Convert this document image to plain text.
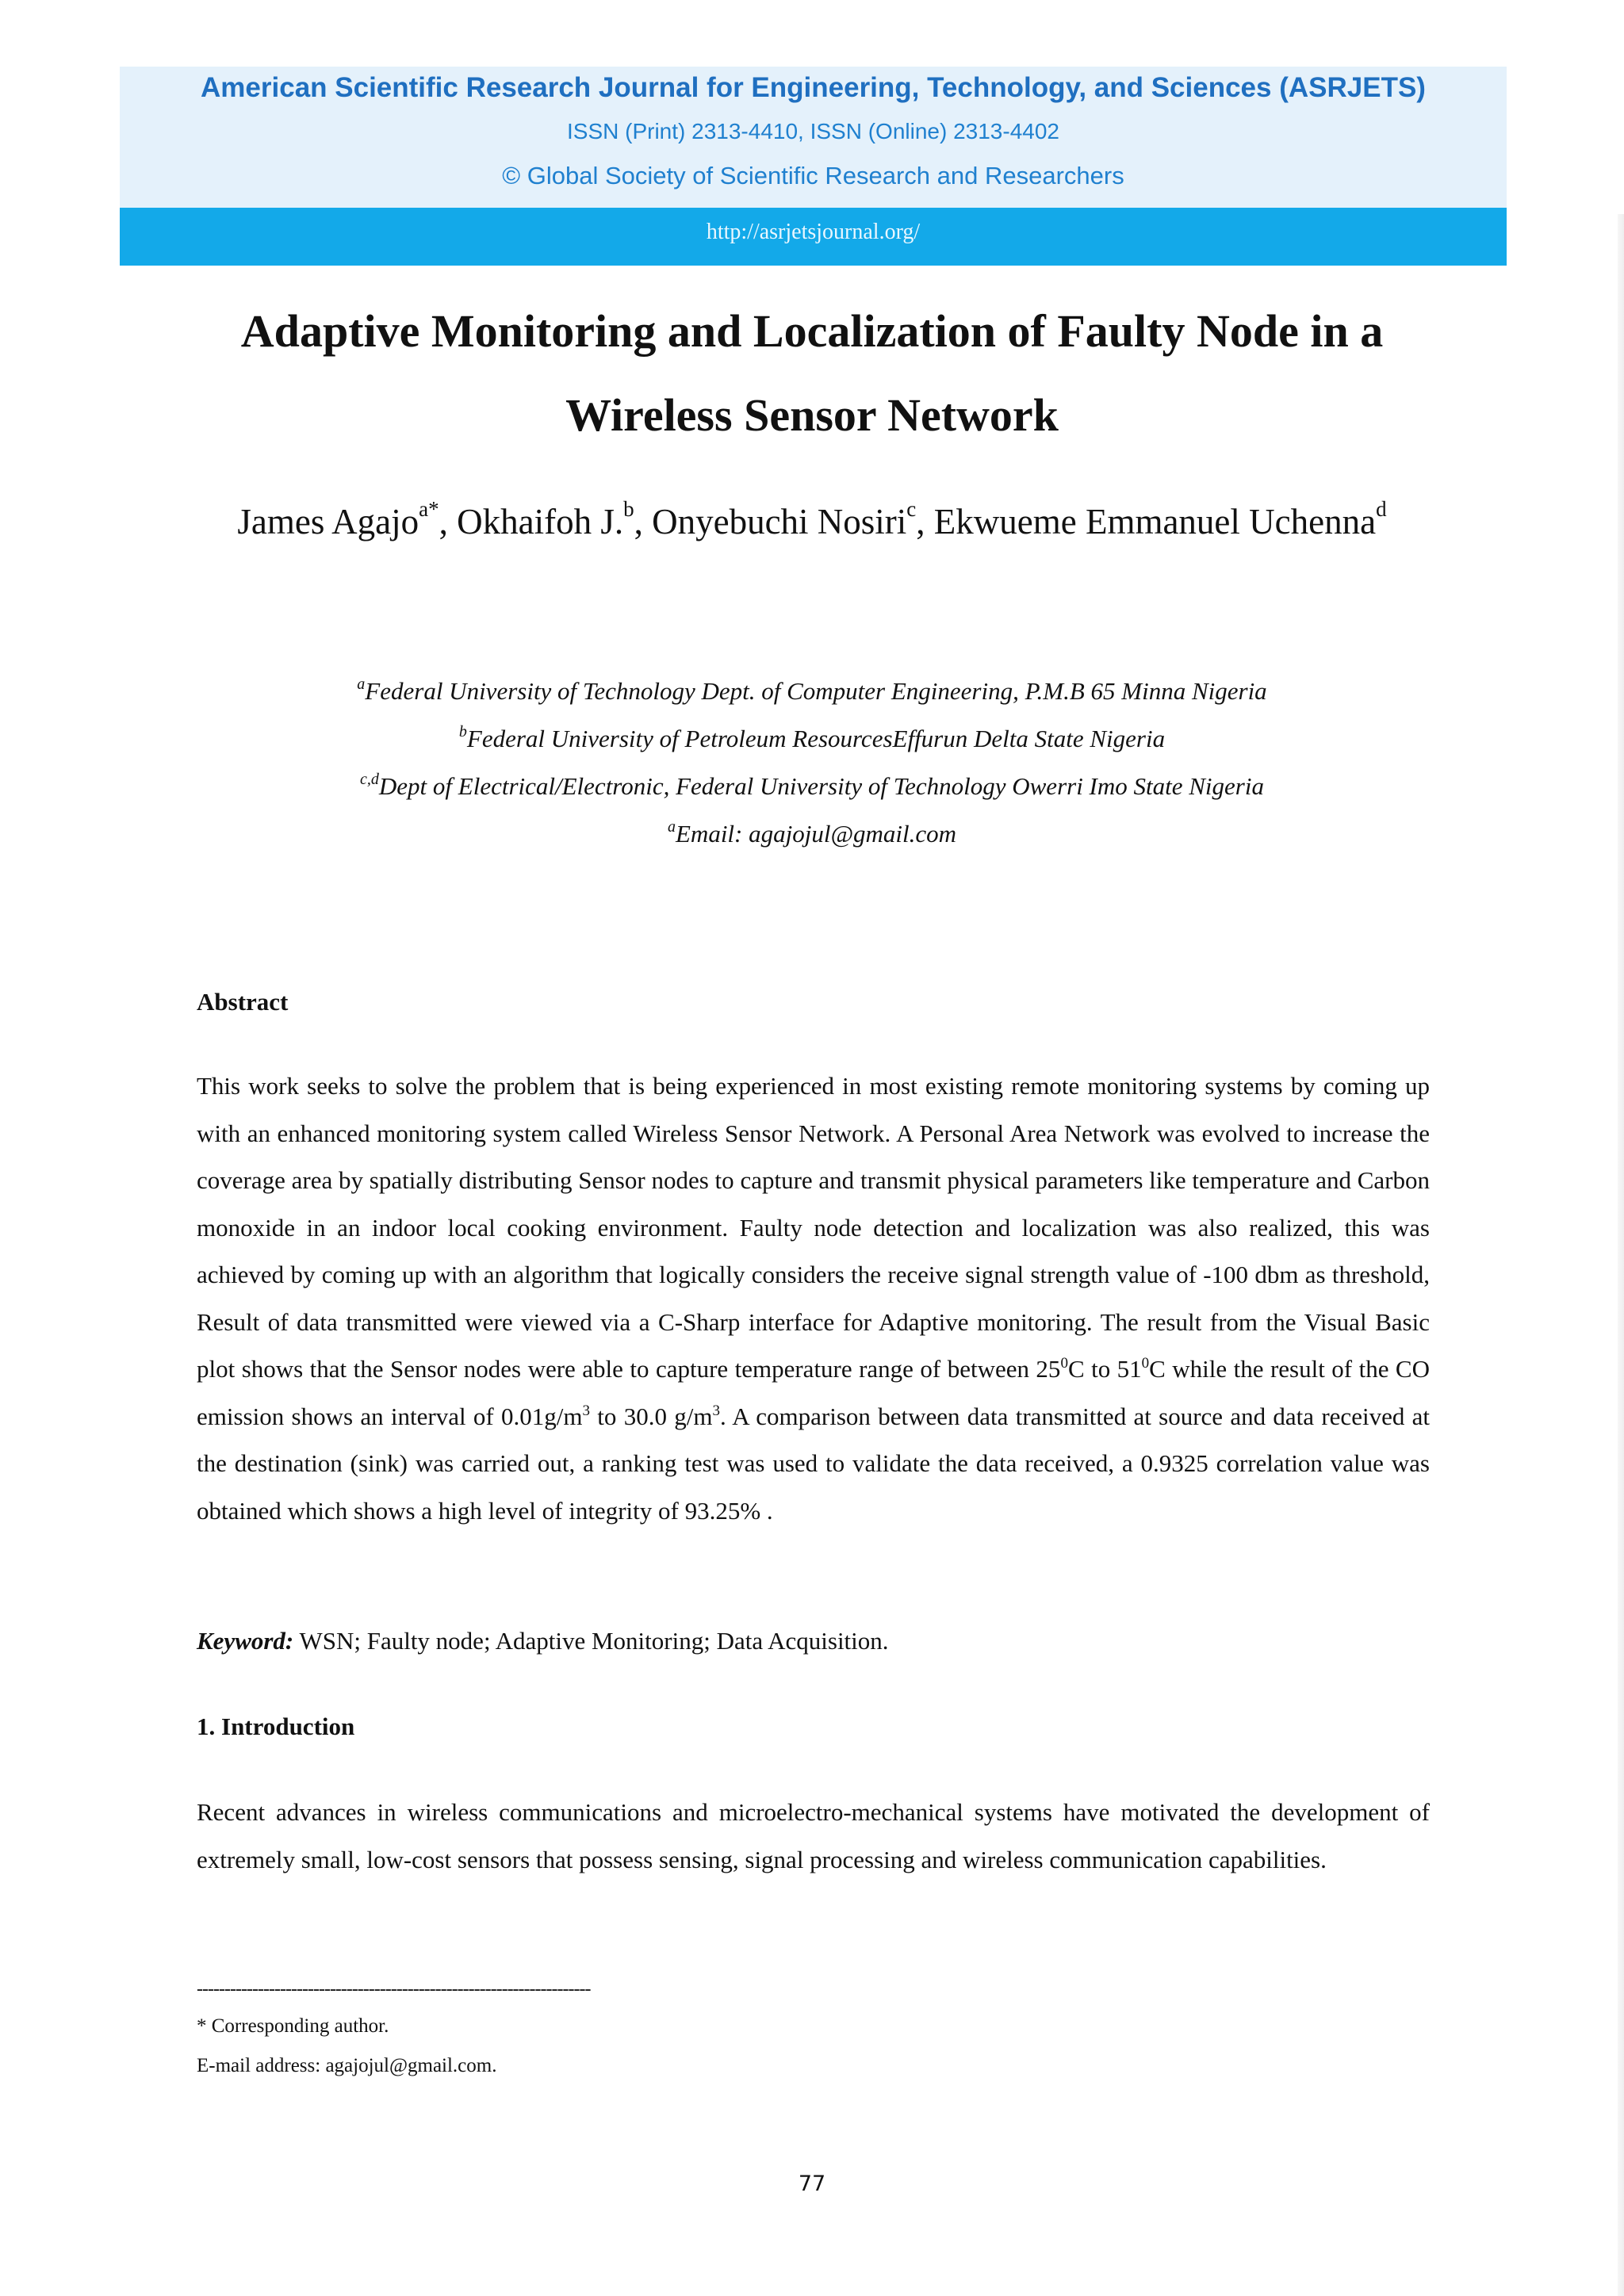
American Scientific Research Journal for Engineering, Technology, and Sciences (ASRJETS)
ISSN (Print) 2313-4410, ISSN (Online) 2313-4402
© Global Society of Scientific Research and Researchers
http://asrjetsjournal.org/
Adaptive Monitoring and Localization of Faulty Node in a Wireless Sensor Network
James Agajo$^{a*}$, Okhaifoh J.$^b$, Onyebuchi Nosiri$^c$, Ekwueme Emmanuel Uchenna$^d$
$^a$Federal University of Technology Dept. of Computer Engineering, P.M.B 65 Minna Nigeria
$^b$Federal University of Petroleum ResourcesEffurun Delta State Nigeria
$^{c,d}$Dept of Electrical/Electronic, Federal University of Technology Owerri Imo State Nigeria
$^a$Email: agajojul@gmail.com
Abstract
This work seeks to solve the problem that is being experienced in most existing remote monitoring systems by coming up with an enhanced monitoring system called Wireless Sensor Network. A Personal Area Network was evolved to increase the coverage area by spatially distributing Sensor nodes to capture and transmit physical parameters like temperature and Carbon monoxide in an indoor local cooking environment. Faulty node detection and localization was also realized, this was achieved by coming up with an algorithm that logically considers the receive signal strength value of -100 dbm as threshold, Result of data transmitted were viewed via a C-Sharp interface for Adaptive monitoring. The result from the Visual Basic plot shows that the Sensor nodes were able to capture temperature range of between $25^0C$ to $51^0C$ while the result of the CO emission shows an interval of $0.01g/m^3$ to 30.0 $g/m^3$. A comparison between data transmitted at source and data received at the destination (sink) was carried out, a ranking test was used to validate the data received, a 0.9325 correlation value was obtained which shows a high level of integrity of 93.25% .
Keyword: WSN; Faulty node; Adaptive Monitoring; Data Acquisition.
1. Introduction
Recent advances in wireless communications and microelectro-mechanical systems have motivated the development of extremely small, low-cost sensors that possess sensing, signal processing and wireless communication capabilities.
-----------------------------------------------------------------------
* Corresponding author.
E-mail address: agajojul@gmail.com.
77
